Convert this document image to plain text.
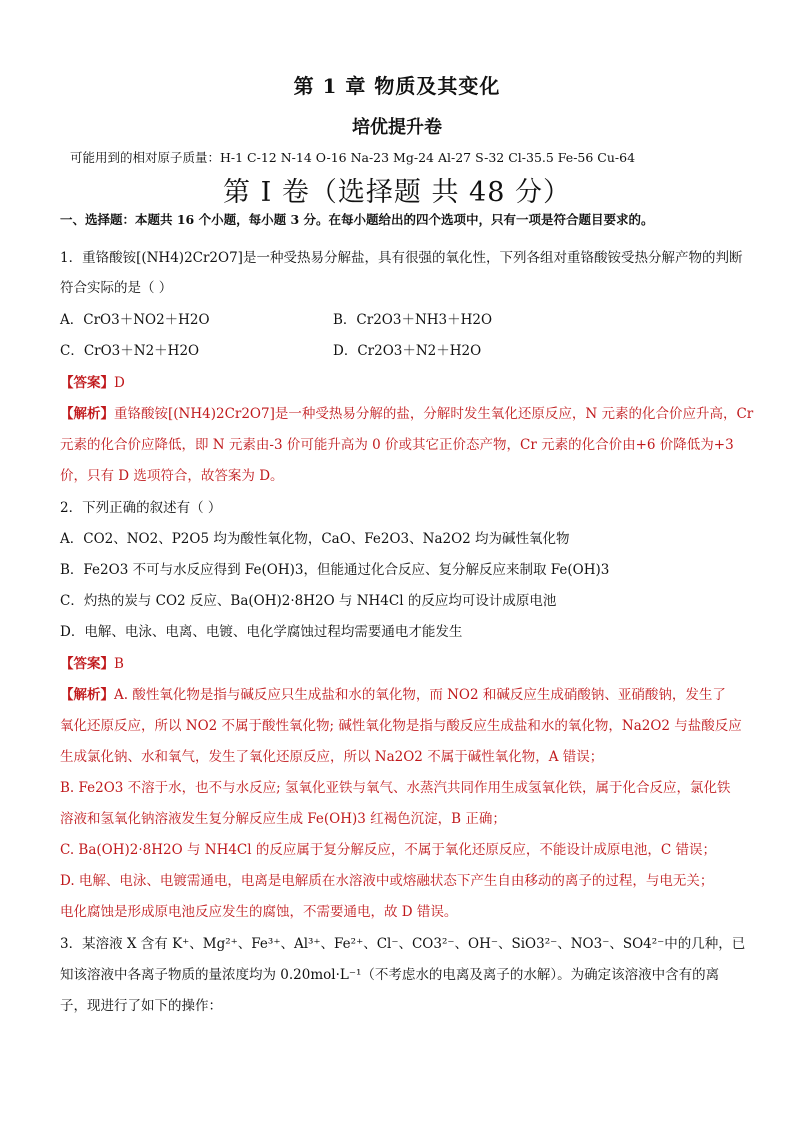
第 1 章 物质及其变化
培优提升卷
可能用到的相对原子质量：H-1 C-12 N-14 O-16 Na-23 Mg-24 Al-27 S-32 Cl-35.5 Fe-56 Cu-64
第 I 卷（选择题 共 48 分）
一、选择题：本题共 16 个小题，每小题 3 分。在每小题给出的四个选项中，只有一项是符合题目要求的。
1．重铬酸铵[(NH4)2Cr2O7]是一种受热易分解盐，具有很强的氧化性，下列各组对重铬酸铵受热分解产物的判断
符合实际的是（ ）
A．CrO3＋NO2＋H2O	B．Cr2O3＋NH3＋H2O
C．CrO3＋N2＋H2O	D．Cr2O3＋N2＋H2O
【答案】D
【解析】重铬酸铵[(NH4)2Cr2O7]是一种受热易分解的盐，分解时发生氧化还原反应，N 元素的化合价应升高，Cr
元素的化合价应降低，即 N 元素由-3 价可能升高为 0 价或其它正价态产物，Cr 元素的化合价由+6 价降低为+3
价，只有 D 选项符合，故答案为 D。
2．下列正确的叙述有（ ）
A．CO2、NO2、P2O5 均为酸性氧化物，CaO、Fe2O3、Na2O2 均为碱性氧化物
B．Fe2O3 不可与水反应得到 Fe(OH)3，但能通过化合反应、复分解反应来制取 Fe(OH)3
C．灼热的炭与 CO2 反应、Ba(OH)2·8H2O 与 NH4Cl 的反应均可设计成原电池
D．电解、电泳、电离、电镀、电化学腐蚀过程均需要通电才能发生
【答案】B
【解析】A. 酸性氧化物是指与碱反应只生成盐和水的氧化物，而 NO2 和碱反应生成硝酸钠、亚硝酸钠，发生了
氧化还原反应，所以 NO2 不属于酸性氧化物; 碱性氧化物是指与酸反应生成盐和水的氧化物，Na2O2 与盐酸反应
生成氯化钠、水和氧气，发生了氧化还原反应，所以 Na2O2 不属于碱性氧化物，A 错误；
B. Fe2O3 不溶于水，也不与水反应; 氢氧化亚铁与氧气、水蒸汽共同作用生成氢氧化铁，属于化合反应，氯化铁
溶液和氢氧化钠溶液发生复分解反应生成 Fe(OH)3 红褐色沉淀，B 正确；
C. Ba(OH)2·8H2O 与 NH4Cl 的反应属于复分解反应，不属于氧化还原反应，不能设计成原电池，C 错误；
D. 电解、电泳、电镀需通电，电离是电解质在水溶液中或熔融状态下产生自由移动的离子的过程，与电无关；
电化腐蚀是形成原电池反应发生的腐蚀，不需要通电，故 D 错误。
3．某溶液 X 含有 K⁺、Mg²⁺、Fe³⁺、Al³⁺、Fe²⁺、Cl⁻、CO3²⁻、OH⁻、SiO3²⁻、NO3⁻、SO4²⁻中的几种，已
知该溶液中各离子物质的量浓度均为 0.20mol·L⁻¹（不考虑水的电离及离子的水解）。为确定该溶液中含有的离
子，现进行了如下的操作：
